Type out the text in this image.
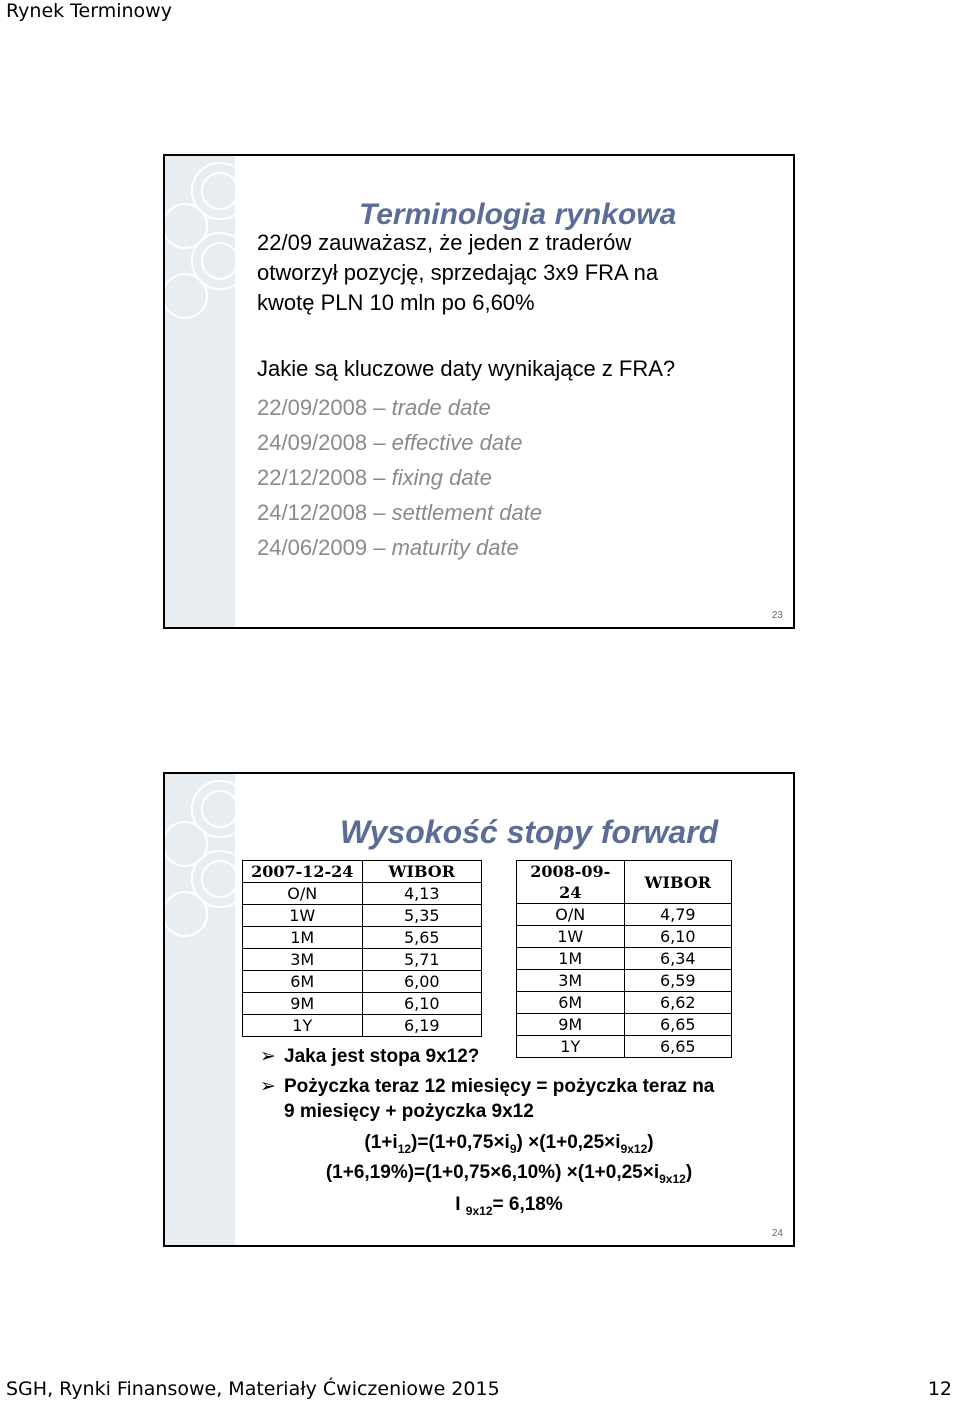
Rynek Terminowy
Terminologia rynkowa

22/09 zauważasz, że jeden z traderów

otworzył pozycję, sprzedając 3x9 FRA na

kwotę PLN 10 mln po 6,60%

Jakie są kluczowe daty wynikające z FRA?
22/09/2008 – trade date
24/09/2008 – effective date
22/12/2008 – fixing date
24/12/2008 – settlement date
24/06/2009 – maturity date
23
Wysokość stopy forward
2007-12-24	WIBOR
O/N	4,13
1W	5,35
1M	5,65
3M	5,71
6M	6,00
9M	6,10
1Y	6,19
2008-09-24	WIBOR
O/N	4,79
1W	6,10
1M	6,34
3M	6,59
6M	6,62
9M	6,65
1Y	6,65
➢ Jaka jest stopa 9x12?
➢ Pożyczka teraz 12 miesięcy = pożyczka teraz na
9 miesięcy + pożyczka 9x12
$(1+i_{12})=(1+0,75\times i_9) \times(1+0,25\times i_{9x12})$
$(1+6,19\%)=(1+0,75\times 6,10\%) \times(1+0,25\times i_{9x12})$
I $_{9x12}$= 6,18%
24
SGH, Rynki Finansowe, Materiały Ćwiczeniowe 2015	12
